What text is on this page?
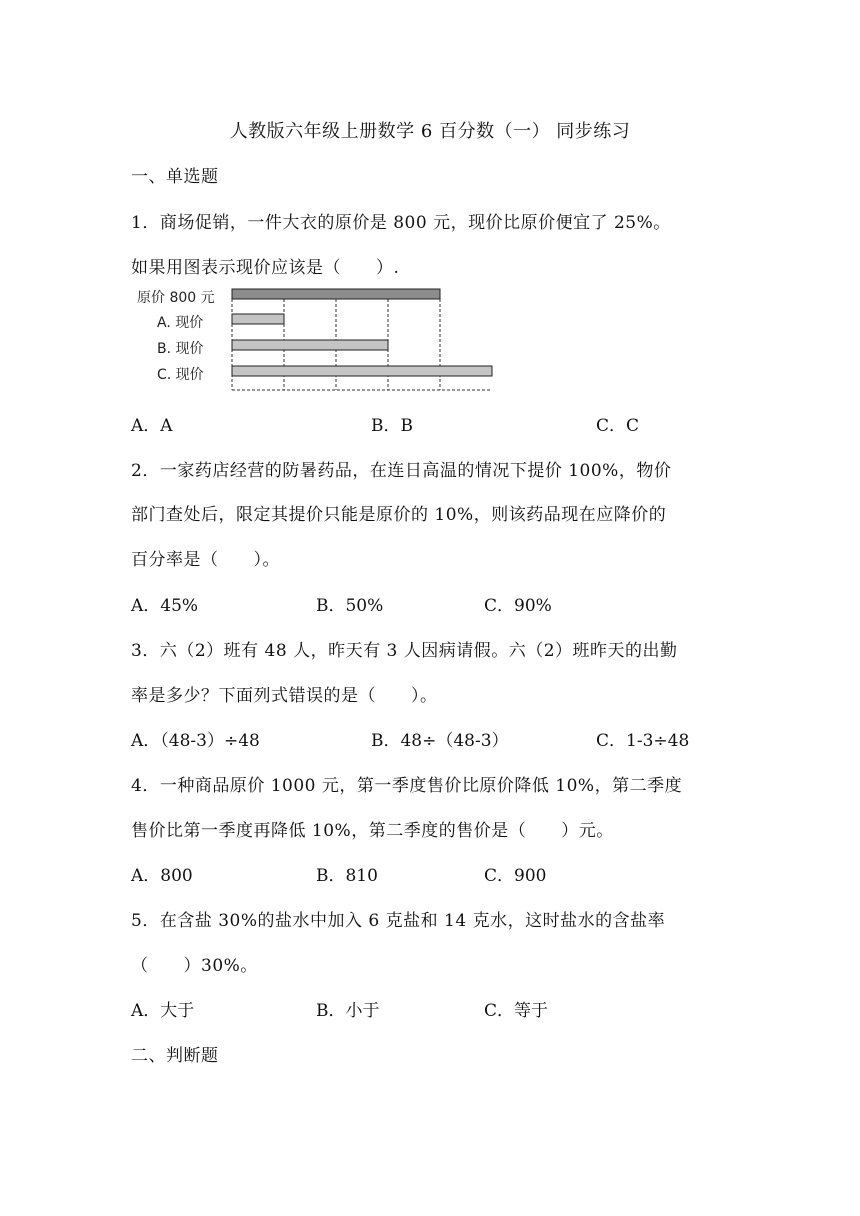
人教版六年级上册数学 6 百分数（一） 同步练习
一、单选题
1．商场促销，一件大衣的原价是 800 元，现价比原价便宜了 25%。
如果用图表示现价应该是（　　）.
原价 800 元
A. 现价
B. 现价
C. 现价
A．A	B．B	C．C
2．一家药店经营的防暑药品，在连日高温的情况下提价 100%，物价
部门查处后，限定其提价只能是原价的 10%，则该药品现在应降价的
百分率是（　　）。
A．45%	B．50%	C．90%
3．六（2）班有 48 人，昨天有 3 人因病请假。六（2）班昨天的出勤
率是多少？下面列式错误的是（　　）。
A．（48-3）÷48	B．48÷（48-3）	C．1-3÷48
4．一种商品原价 1000 元，第一季度售价比原价降低 10%，第二季度
售价比第一季度再降低 10%，第二季度的售价是（　　）元。
A．800	B．810	C．900
5．在含盐 30%的盐水中加入 6 克盐和 14 克水，这时盐水的含盐率
（　　）30%。
A．大于	B．小于	C．等于
二、判断题
